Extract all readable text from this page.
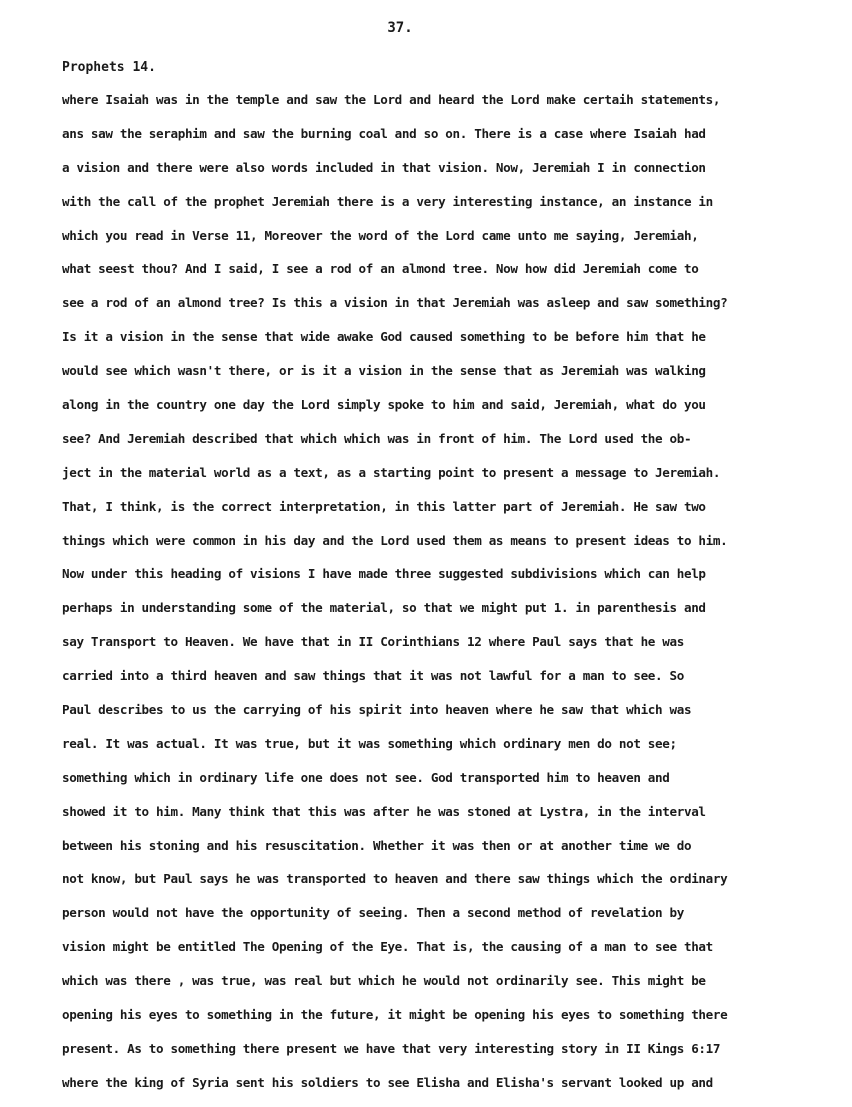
37.
Prophets 14.
where Isaiah was in the temple and saw the Lord and heard the Lord make certaih statements,
ans saw the seraphim and saw the burning coal and so on. There is a case where Isaiah had
a vision and there were also words included in that vision. Now, Jeremiah I in connection
with the call of the prophet Jeremiah there is a very interesting instance, an instance in
which you read in Verse 11, Moreover the word of the Lord came unto me saying, Jeremiah,
what seest thou? And I said, I see a rod of an almond tree. Now how did Jeremiah come to
see a rod of an almond tree? Is this a vision in that Jeremiah was asleep and saw something?
Is it a vision in the sense that wide awake God caused something to be before him that he
would see which wasn't there, or is it a vision in the sense that as Jeremiah was walking
along in the country one day the Lord simply spoke to him and said, Jeremiah, what do you
see? And Jeremiah described that which which was in front of him. The Lord used the ob-
ject in the material world as a text, as a starting point to present a message to Jeremiah.
That, I think, is the correct interpretation, in this latter part of Jeremiah. He saw two
things which were common in his day and the Lord used them as means to present ideas to him.
Now under this heading of visions I have made three suggested subdivisions which can help
perhaps in understanding some of the material, so that we might put 1. in parenthesis and
say Transport to Heaven. We have that in II Corinthians 12 where Paul says that he was
carried into a third heaven and saw things that it was not lawful for a man to see. So
Paul describes to us the carrying of his spirit into heaven where he saw that which was
real. It was actual. It was true, but it was something which ordinary men do not see;
something which in ordinary life one does not see. God transported him to heaven and
showed it to him. Many think that this was after he was stoned at Lystra, in the interval
between his stoning and his resuscitation. Whether it was then or at another time we do
not know, but Paul says he was transported to heaven and there saw things which the ordinary
person would not have the opportunity of seeing. Then a second method of revelation by
vision might be entitled The Opening of the Eye. That is, the causing of a man to see that
which was there , was true, was real but which he would not ordinarily see. This might be
opening his eyes to something in the future, it might be opening his eyes to something there
present. As to something there present we have that very interesting story in II Kings 6:17
where the king of Syria sent his soldiers to see Elisha and Elisha's servant looked up and
